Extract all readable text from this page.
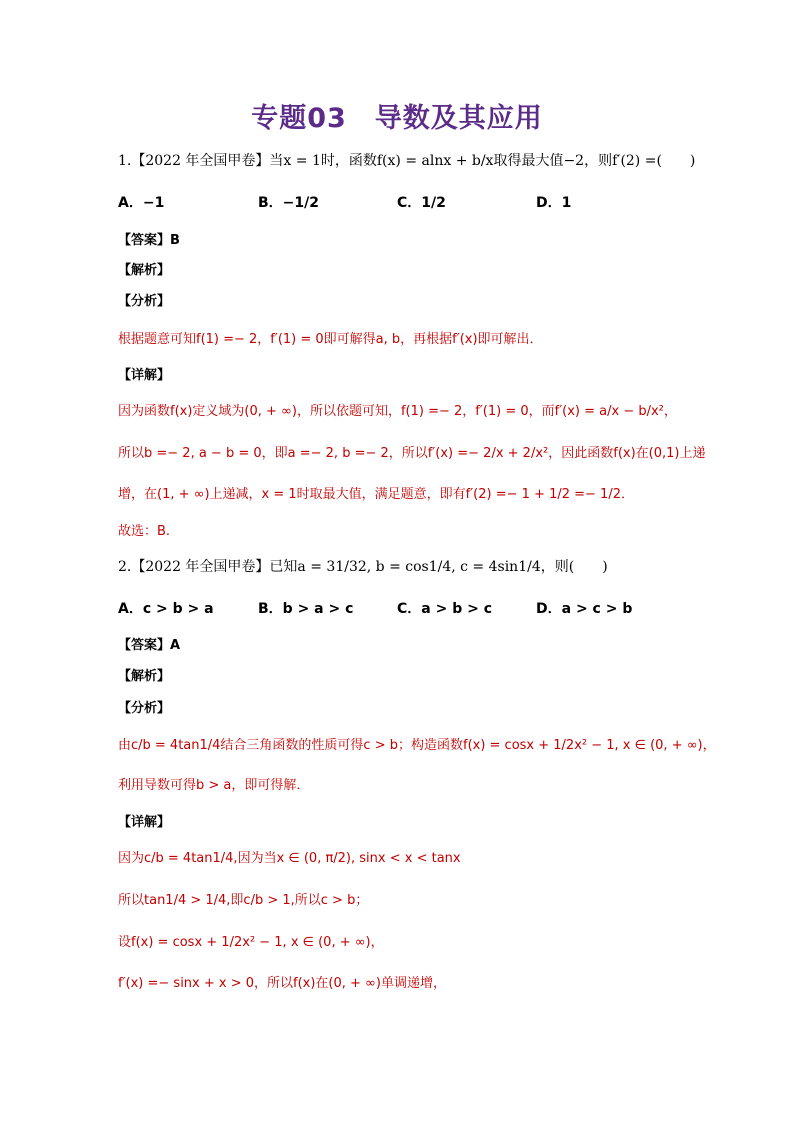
专题03　导数及其应用
1.【2022 年全国甲卷】当x = 1时，函数f(x) = alnx + b/x取得最大值−2，则f′(2) =(　　)
A．−1	B．−1/2	C．1/2	D．1
【答案】B
【解析】
【分析】
根据题意可知f(1) =− 2，f′(1) = 0即可解得a, b，再根据f′(x)即可解出．
【详解】
因为函数f(x)定义域为(0, + ∞)，所以依题可知，f(1) =− 2，f′(1) = 0，而f′(x) = a/x − b/x²，
所以b =− 2, a − b = 0，即a =− 2, b =− 2，所以f′(x) =− 2/x + 2/x²，因此函数f(x)在(0,1)上递
增，在(1, + ∞)上递减，x = 1时取最大值，满足题意，即有f′(2) =− 1 + 1/2 =− 1/2．
故选：B.
2.【2022 年全国甲卷】已知a = 31/32, b = cos1/4, c = 4sin1/4，则(　　)
A．c > b > a	B．b > a > c	C．a > b > c	D．a > c > b
【答案】A
【解析】
【分析】
由c/b = 4tan1/4结合三角函数的性质可得c > b；构造函数f(x) = cosx + 1/2x² − 1, x ∈ (0, + ∞)，
利用导数可得b > a，即可得解．
【详解】
因为c/b = 4tan1/4,因为当x ∈ (0, π/2), sinx < x < tanx
所以tan1/4 > 1/4,即c/b > 1,所以c > b；
设f(x) = cosx + 1/2x² − 1, x ∈ (0, + ∞)，
f′(x) =− sinx + x > 0，所以f(x)在(0, + ∞)单调递增，
